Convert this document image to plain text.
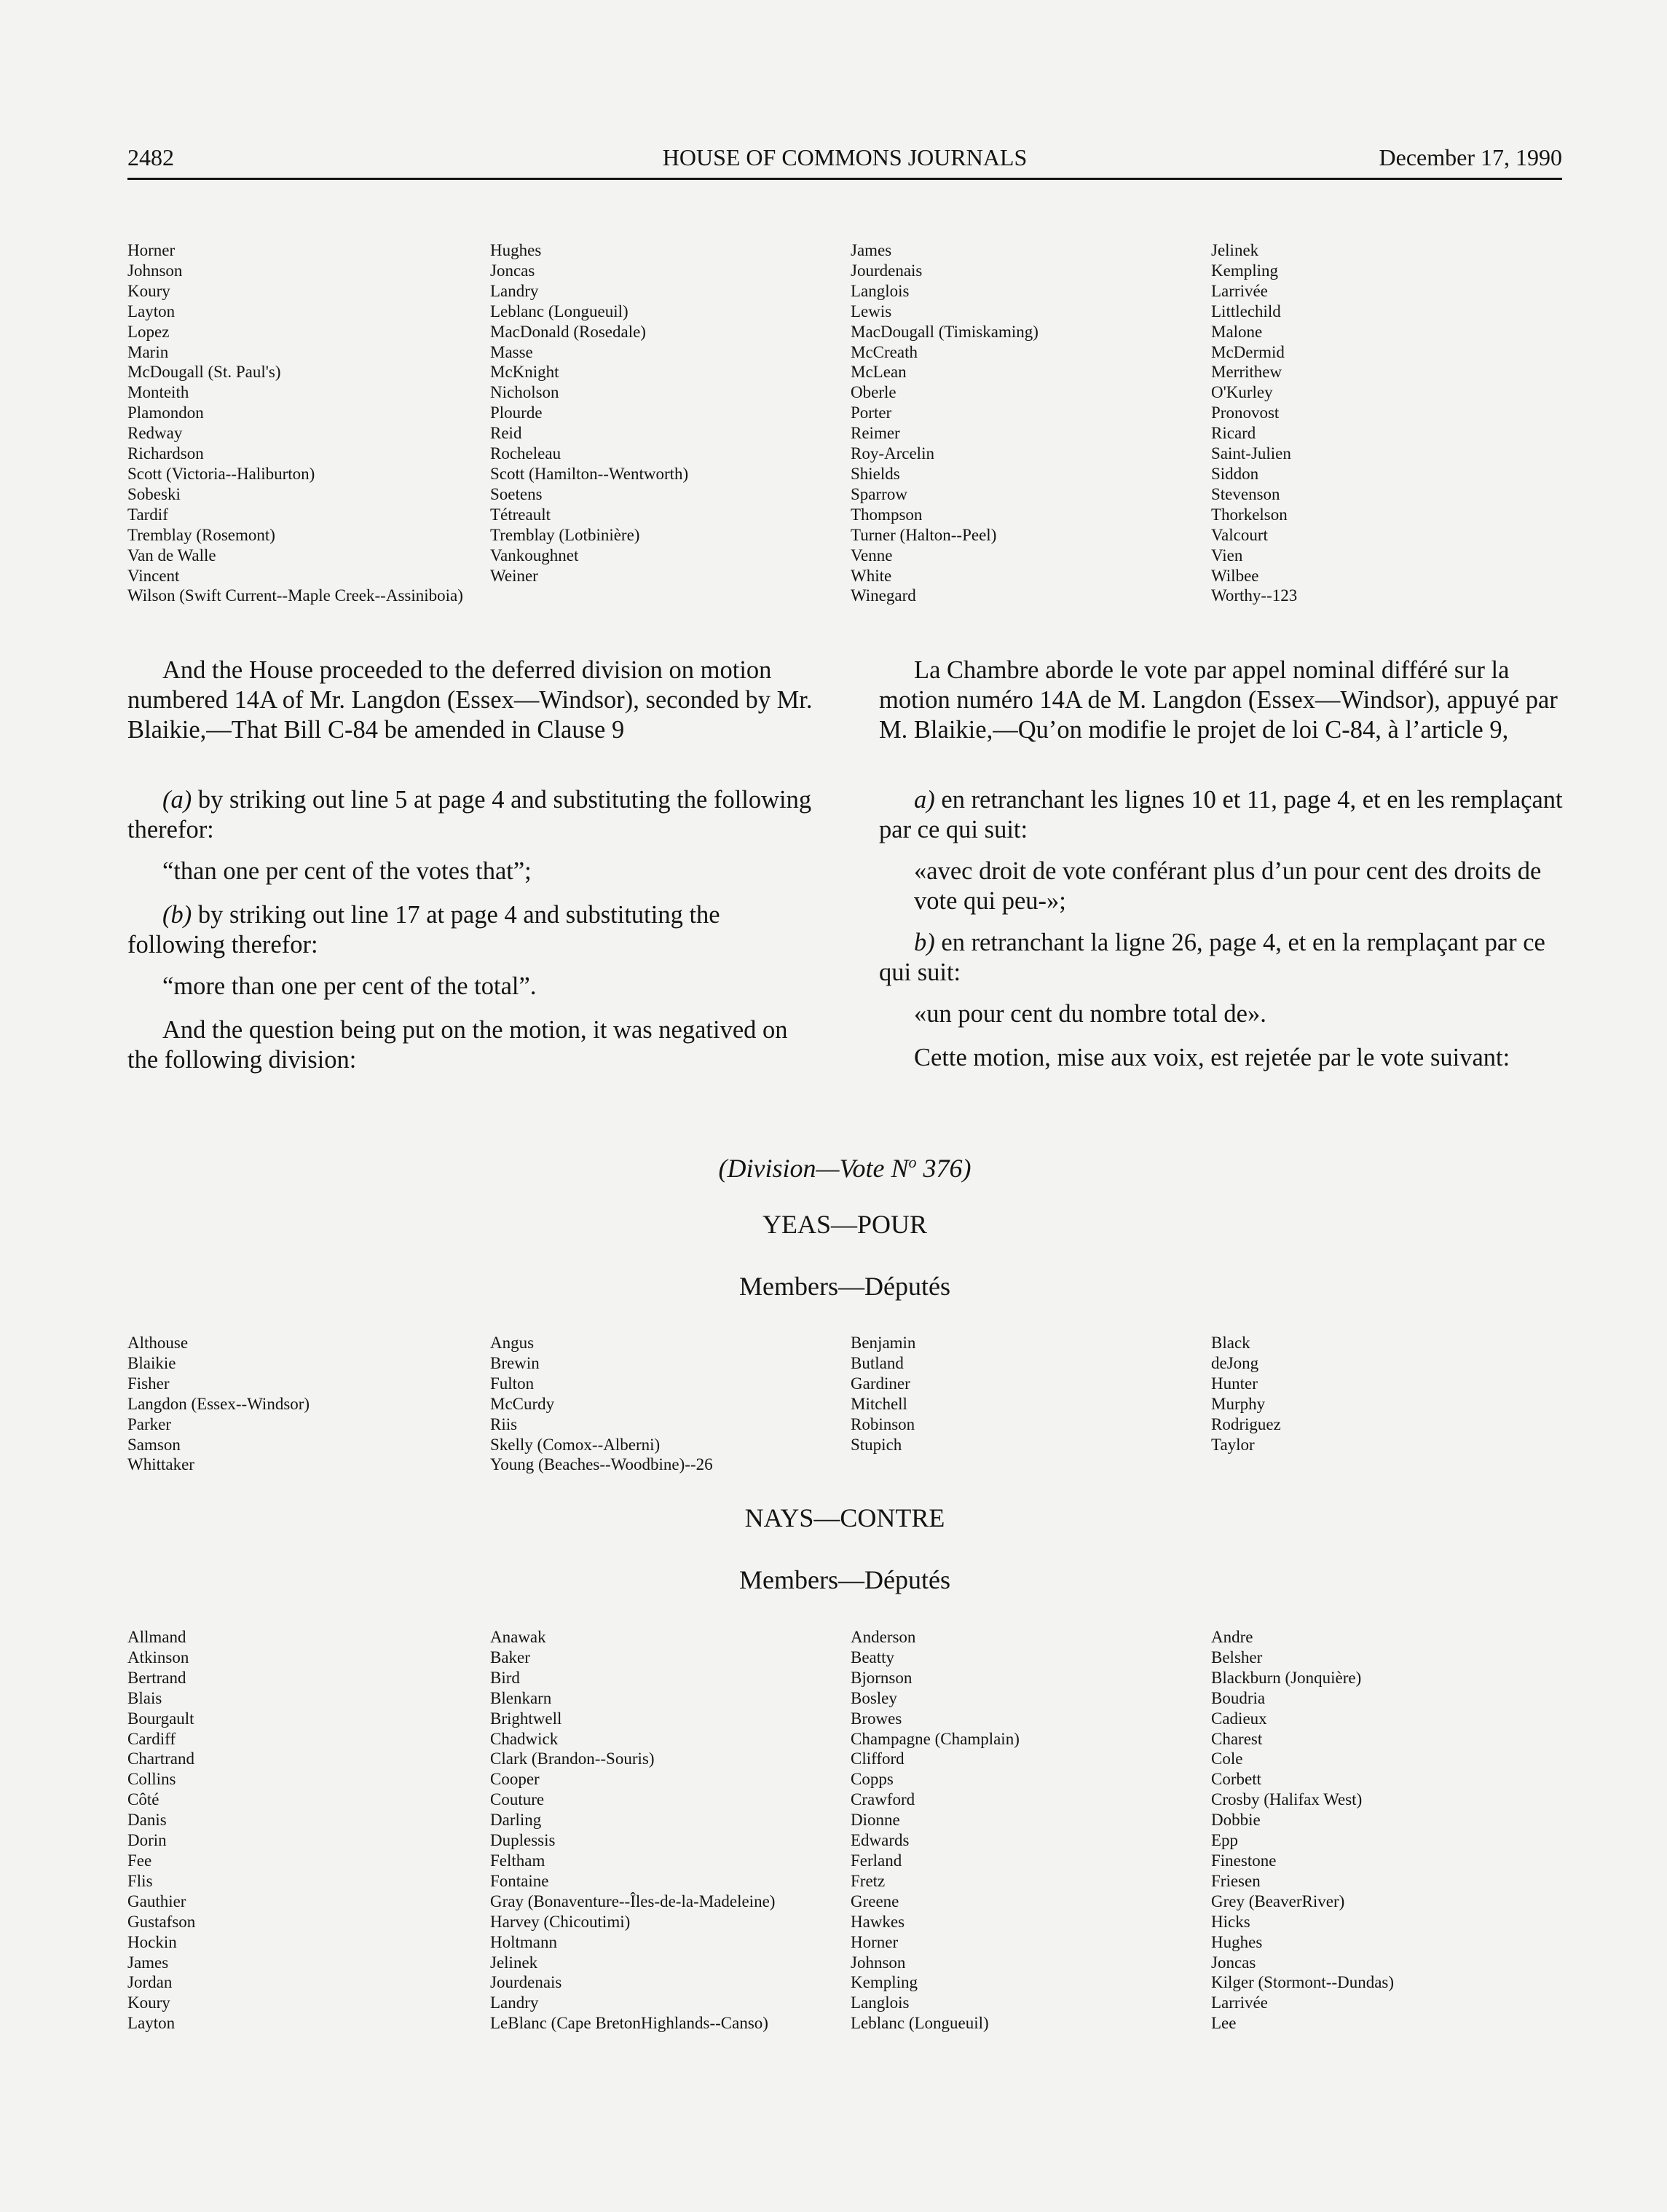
2482	HOUSE OF COMMONS JOURNALS	December 17, 1990
Horner
Johnson
Koury
Layton
Lopez
Marin
McDougall (St. Paul's)
Monteith
Plamondon
Redway
Richardson
Scott (Victoria--Haliburton)
Sobeski
Tardif
Tremblay (Rosemont)
Van de Walle
Vincent
Hughes
Joncas
Landry
Leblanc (Longueuil)
MacDonald (Rosedale)
Masse
McKnight
Nicholson
Plourde
Reid
Rocheleau
Scott (Hamilton--Wentworth)
Soetens
Tétreault
Tremblay (Lotbinière)
Vankoughnet
Weiner
James
Jourdenais
Langlois
Lewis
MacDougall (Timiskaming)
McCreath
McLean
Oberle
Porter
Reimer
Roy-Arcelin
Shields
Sparrow
Thompson
Turner (Halton--Peel)
Venne
White
Winegard
Jelinek
Kempling
Larrivée
Littlechild
Malone
McDermid
Merrithew
O'Kurley
Pronovost
Ricard
Saint-Julien
Siddon
Stevenson
Thorkelson
Valcourt
Vien
Wilbee
Worthy--123
Wilson (Swift Current--Maple Creek--Assiniboia)

And the House proceeded to the deferred division on motion numbered 14A of Mr. Langdon (Essex—Windsor), seconded by Mr. Blaikie,—That Bill C-84 be amended in Clause 9

(a) by striking out line 5 at page 4 and substituting the following therefor:

“than one per cent of the votes that”;

(b) by striking out line 17 at page 4 and substituting the following therefor:

“more than one per cent of the total”.

And the question being put on the motion, it was negatived on the following division:

La Chambre aborde le vote par appel nominal différé sur la motion numéro 14A de M. Langdon (Essex—Windsor), appuyé par M. Blaikie,—Qu’on modifie le projet de loi C-84, à l’article 9,

a) en retranchant les lignes 10 et 11, page 4, et en les remplaçant par ce qui suit:

«avec droit de vote conférant plus d’un pour cent des droits de vote qui peu-»;

b) en retranchant la ligne 26, page 4, et en la remplaçant par ce qui suit:

«un pour cent du nombre total de».

Cette motion, mise aux voix, est rejetée par le vote suivant:

(Division—Vote $N^o$ 376)
YEAS—POUR
Members—Députés
Althouse
Blaikie
Fisher
Langdon (Essex--Windsor)
Parker
Samson
Whittaker
Angus
Brewin
Fulton
McCurdy
Riis
Skelly (Comox--Alberni)
Young (Beaches--Woodbine)--26
Benjamin
Butland
Gardiner
Mitchell
Robinson
Stupich
Black
deJong
Hunter
Murphy
Rodriguez
Taylor
NAYS—CONTRE
Members—Députés
Allmand
Atkinson
Bertrand
Blais
Bourgault
Cardiff
Chartrand
Collins
Côté
Danis
Dorin
Fee
Flis
Gauthier
Gustafson
Hockin
James
Jordan
Koury
Layton
Anawak
Baker
Bird
Blenkarn
Brightwell
Chadwick
Clark (Brandon--Souris)
Cooper
Couture
Darling
Duplessis
Feltham
Fontaine
Gray (Bonaventure--Îles-de-la-Madeleine)
Harvey (Chicoutimi)
Holtmann
Jelinek
Jourdenais
Landry
LeBlanc (Cape BretonHighlands--Canso)
Anderson
Beatty
Bjornson
Bosley
Browes
Champagne (Champlain)
Clifford
Copps
Crawford
Dionne
Edwards
Ferland
Fretz
Greene
Hawkes
Horner
Johnson
Kempling
Langlois
Leblanc (Longueuil)
Andre
Belsher
Blackburn (Jonquière)
Boudria
Cadieux
Charest
Cole
Corbett
Crosby (Halifax West)
Dobbie
Epp
Finestone
Friesen
Grey (BeaverRiver)
Hicks
Hughes
Joncas
Kilger (Stormont--Dundas)
Larrivée
Lee
